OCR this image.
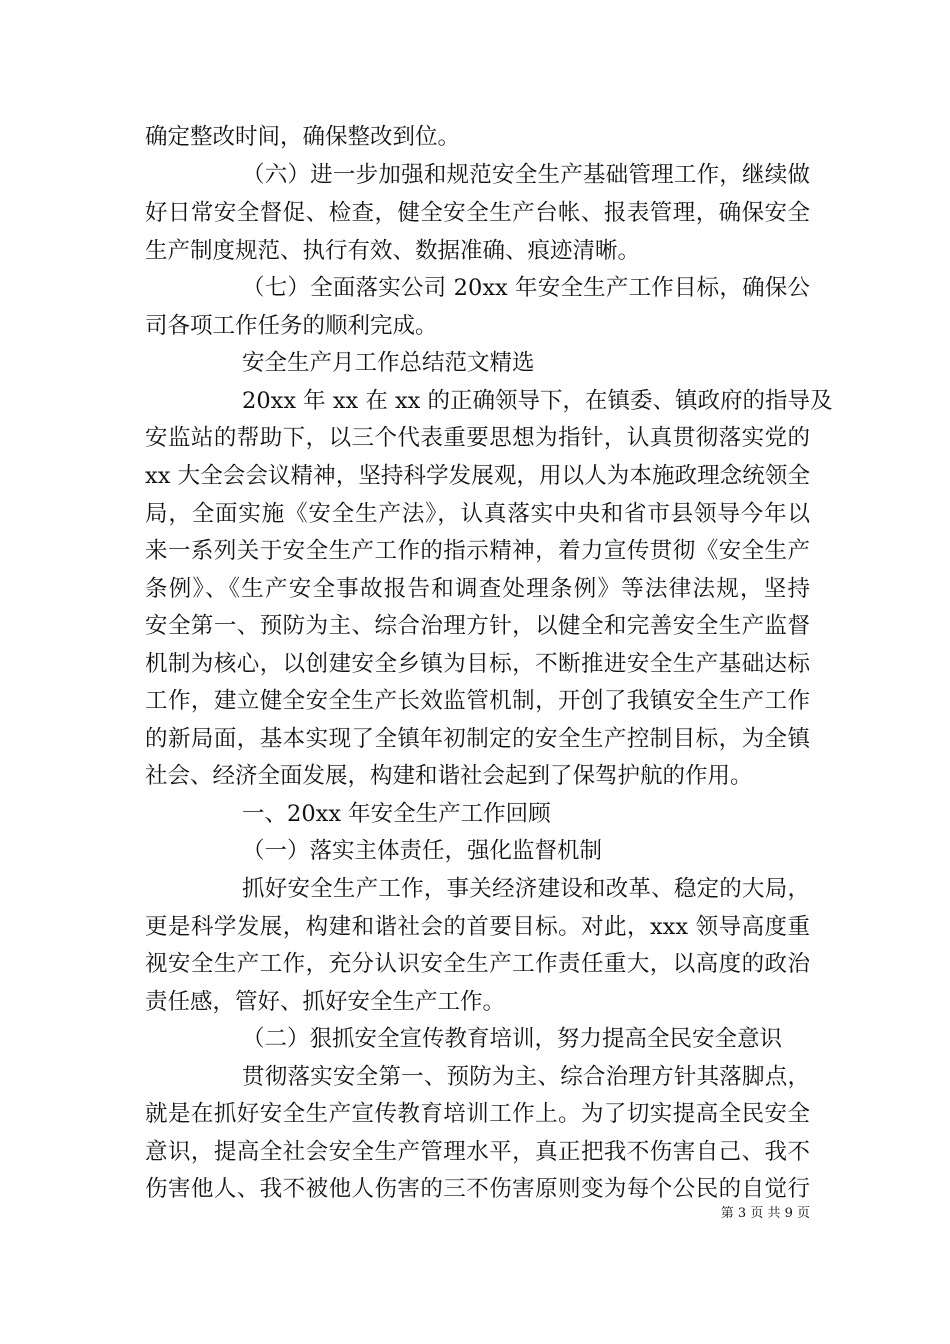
确定整改时间，确保整改到位。
（六）进一步加强和规范安全生产基础管理工作，继续做
好日常安全督促、检查，健全安全生产台帐、报表管理，确保安全
生产制度规范、执行有效、数据准确、痕迹清晰。
（七）全面落实公司 20xx 年安全生产工作目标，确保公
司各项工作任务的顺利完成。
安全生产月工作总结范文精选
20xx 年 xx 在 xx 的正确领导下，在镇委、镇政府的指导及
安监站的帮助下，以三个代表重要思想为指针，认真贯彻落实党的
xx 大全会会议精神，坚持科学发展观，用以人为本施政理念统领全
局，全面实施《安全生产法》，认真落实中央和省市县领导今年以
来一系列关于安全生产工作的指示精神，着力宣传贯彻《安全生产
条例》、《生产安全事故报告和调查处理条例》等法律法规，坚持
安全第一、预防为主、综合治理方针，以健全和完善安全生产监督
机制为核心，以创建安全乡镇为目标，不断推进安全生产基础达标
工作，建立健全安全生产长效监管机制，开创了我镇安全生产工作
的新局面，基本实现了全镇年初制定的安全生产控制目标，为全镇
社会、经济全面发展，构建和谐社会起到了保驾护航的作用。
一、20xx 年安全生产工作回顾
（一）落实主体责任，强化监督机制
抓好安全生产工作，事关经济建设和改革、稳定的大局，
更是科学发展，构建和谐社会的首要目标。对此，xxx 领导高度重
视安全生产工作，充分认识安全生产工作责任重大，以高度的政治
责任感，管好、抓好安全生产工作。
（二）狠抓安全宣传教育培训，努力提高全民安全意识
贯彻落实安全第一、预防为主、综合治理方针其落脚点，
就是在抓好安全生产宣传教育培训工作上。为了切实提高全民安全
意识，提高全社会安全生产管理水平，真正把我不伤害自己、我不
伤害他人、我不被他人伤害的三不伤害原则变为每个公民的自觉行
第 3 页 共 9 页
